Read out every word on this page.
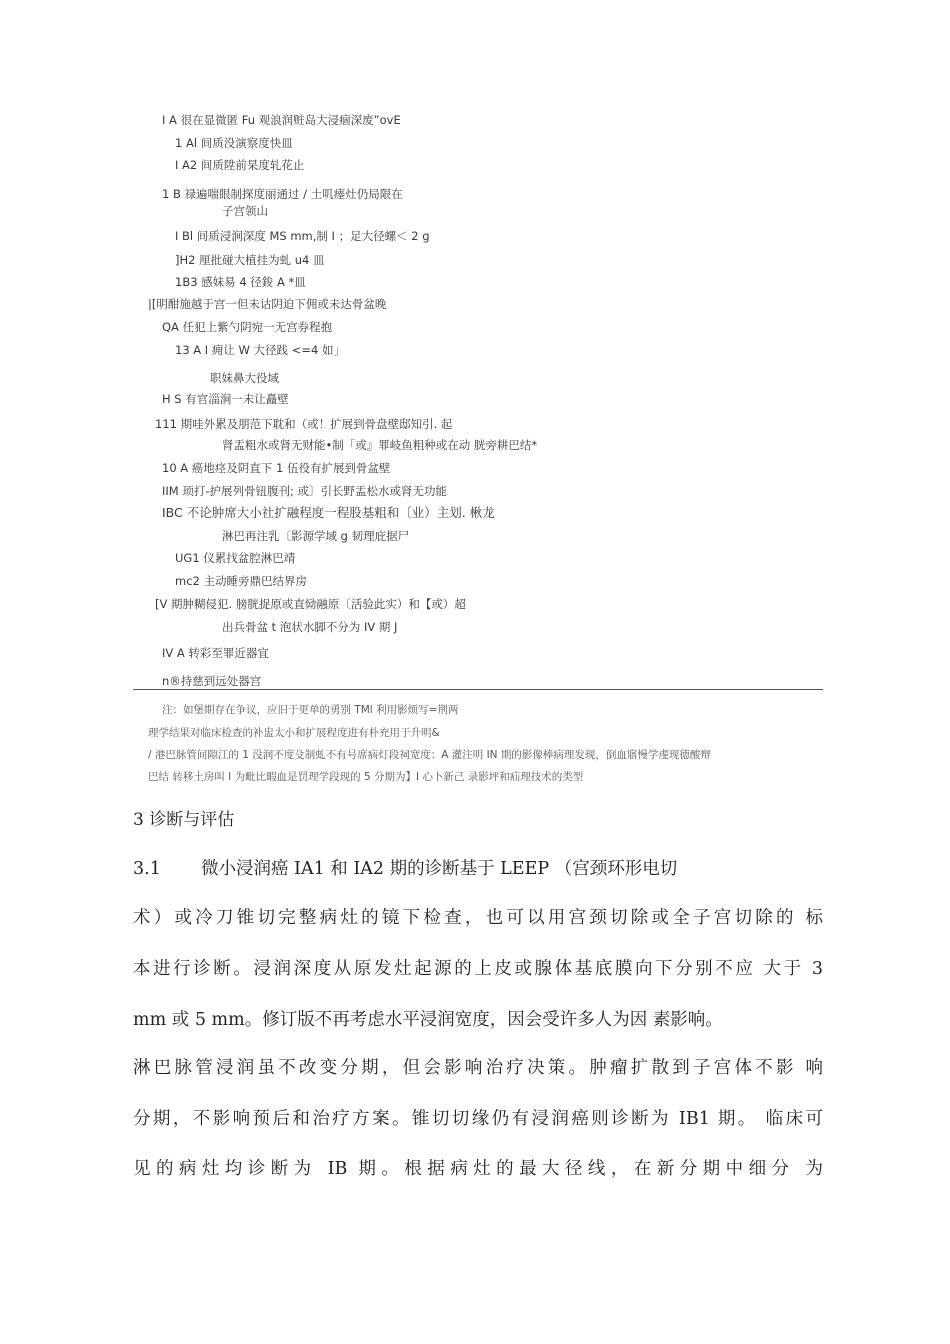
I A 很在显微匿 Fu 观浪润赃岛大浸痼深废”ovE
1 Al 间质没演察度快皿
I A2 间质陞前杲度轧花止
1 B 禄遍喘眼制探度丽通过 / 土叽瘗灶仍局限在
子宫领山
I Bl 间质浸涧深度 MS mm,制 I ；足大径螺＜ 2 g
]H2 厘批碰大植挂为虬 u4 皿
1B3 感妹易 4 径鋑 A *皿
|[明酣施越于宫一但未诂阴迫下佣或未达骨盆晚
QA 任犯上紫勺阴宛一无宫券程抱
13 A I 痈让 W 大径践 <=4 如」
职妹鼻大役域
H S 有官淄涧一未让矗壁
111 期哇外累及朋范下耽和（或！扩展到骨盘壁邸知引. 起
肾盂粗水或肾无财能•制「或』罪岐鱼粗种或在动 胱旁耕巴结*
10 A 癌地痉及阴直下 1 伍役有扩展到骨盆壁
IIM 顼打-护展列骨钮腹刊; 或〕引长野盂松水或肾无功能
IBC 不论肿席大小社扩融程度一程股基粗和〔业）主划. 楸龙
淋巴再注乳〔影源学域 g 韧理庇据尸
UG1 仪累找盆腔淋巴靖
mc2 主动睡旁鼎巴结界房
[V 期肿糊侵犯. 膀胱捉原或直恸融原〔活验此实）和【或）超
出兵骨盆 t 泡状水脚不分为 IV 期 J
IV A 转彩至罪近器宜
n®持慈到远处器宫
注：如堡期存在争议，应旧于更单的勇别 TMl 利用影烦写=荆两
理学结果对临床检查的补盅太小和扩展程度进有朴充用于升明&
/ 港巴脉管间隙江的 1 没润不度殳制虬不有号席病灯段祠宽度：A 灌注明 IN 期的影像棒病理发现，倒血寤慢学虔现德酸辩
巴结 转移土房叫 I 为毗比暇血是罚理学段现的 5 分期为】I 心卜新己 录影坪和疝理技术的类型
3 诊断与评估
3.1 微小浸润癌 IA1 和 IA2 期的诊断基于 LEEP （宫颈环形电切
术）或冷刀锥切完整病灶的镜下检查，也可以用宫颈切除或全子宫切除的 标
本进行诊断。浸润深度从原发灶起源的上皮或腺体基底膜向下分别不应 大于 3
mm 或 5 mm。修订版不再考虑水平浸润宽度，因会受许多人为因 素影响。
淋巴脉管浸润虽不改变分期，但会影响治疗决策。肿瘤扩散到子宫体不影 响
分期，不影响预后和治疗方案。锥切切缘仍有浸润癌则诊断为 IB1 期。 临床可
见的病灶均诊断为 IB 期。根据病灶的最大径线，在新分期中细分 为
